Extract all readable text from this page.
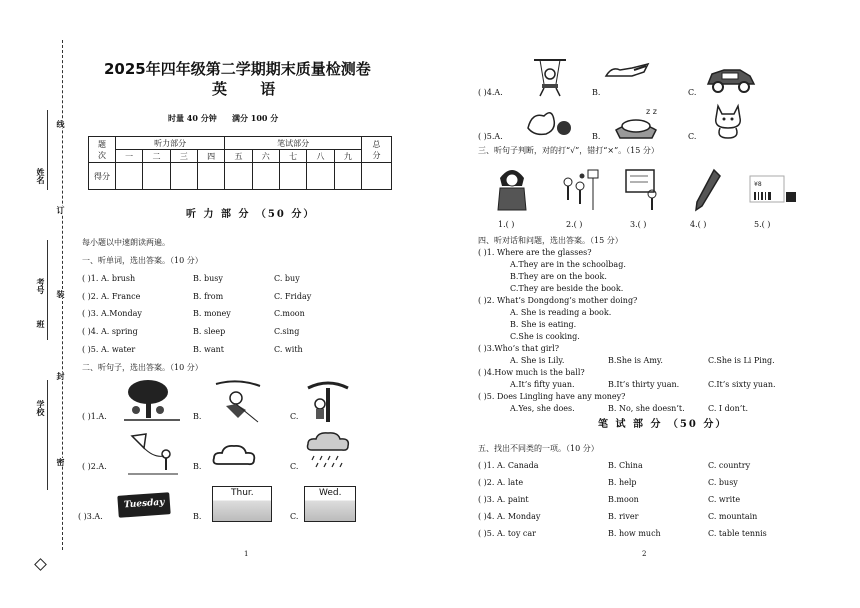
姓名
班
考号
学校
线
订
装
封
密
2025年四年级第二学期期末质量检测卷
英 语
时量 40 分钟 满分 100 分
题
次	听力部分				笔试部分					总
分
	一	二	三	四	五	六	七	八	九	
得分										
听 力 部 分 （50 分）
每小题以中速朗读两遍。
一、听单词，选出答案。（10 分）
( )1. A. brush	B. busy	C. buy
( )2. A. France	B. from	C. Friday
( )3. A.Monday	B. money	C.moon
( )4. A. spring	B. sleep	C.sing
( )5. A. water	B. want	C. with
二、听句子，选出答案。（10 分）
( )1.A.	B.	C.
( )2.A.	B.	C.
( )3.A.
Tuesday
B.
Thur.
C.
Wed.
1
( )4.A.	B.	C.
( )5.A.	B.
z z
C.
三、听句子判断，对的打“√”，错打“×”。（15 分）
¥8
1.( )	2.( )	3.( )	4.( )	5.( )
四、听对话和问题，选出答案。（15 分）
( )1. Where are the glasses?
A.They are in the schoolbag.
B.They are on the book.
C.They are beside the book.
( )2. What’s Dongdong’s mother doing?
A. She is reading a book.
B. She is eating.
C.She is cooking.
( )3.Who’s that girl?
A. She is Lily.	B.She is Amy.	C.She is Li Ping.
( )4.How much is the ball?
A.It’s fifty yuan.	B.It’s thirty yuan.	C.It’s sixty yuan.
( )5. Does Lingling have any money?
A.Yes, she does.	B. No, she doesn’t.	C. I don’t.
笔 试 部 分 （50 分）
五、找出不同类的一项。（10 分）
( )1. A. Canada	B. China	C. country
( )2. A. late	B. help	C. busy
( )3. A. paint	B.moon	C. write
( )4. A. Monday	B. river	C. mountain
( )5. A. toy car	B. how much	C. table tennis
2
